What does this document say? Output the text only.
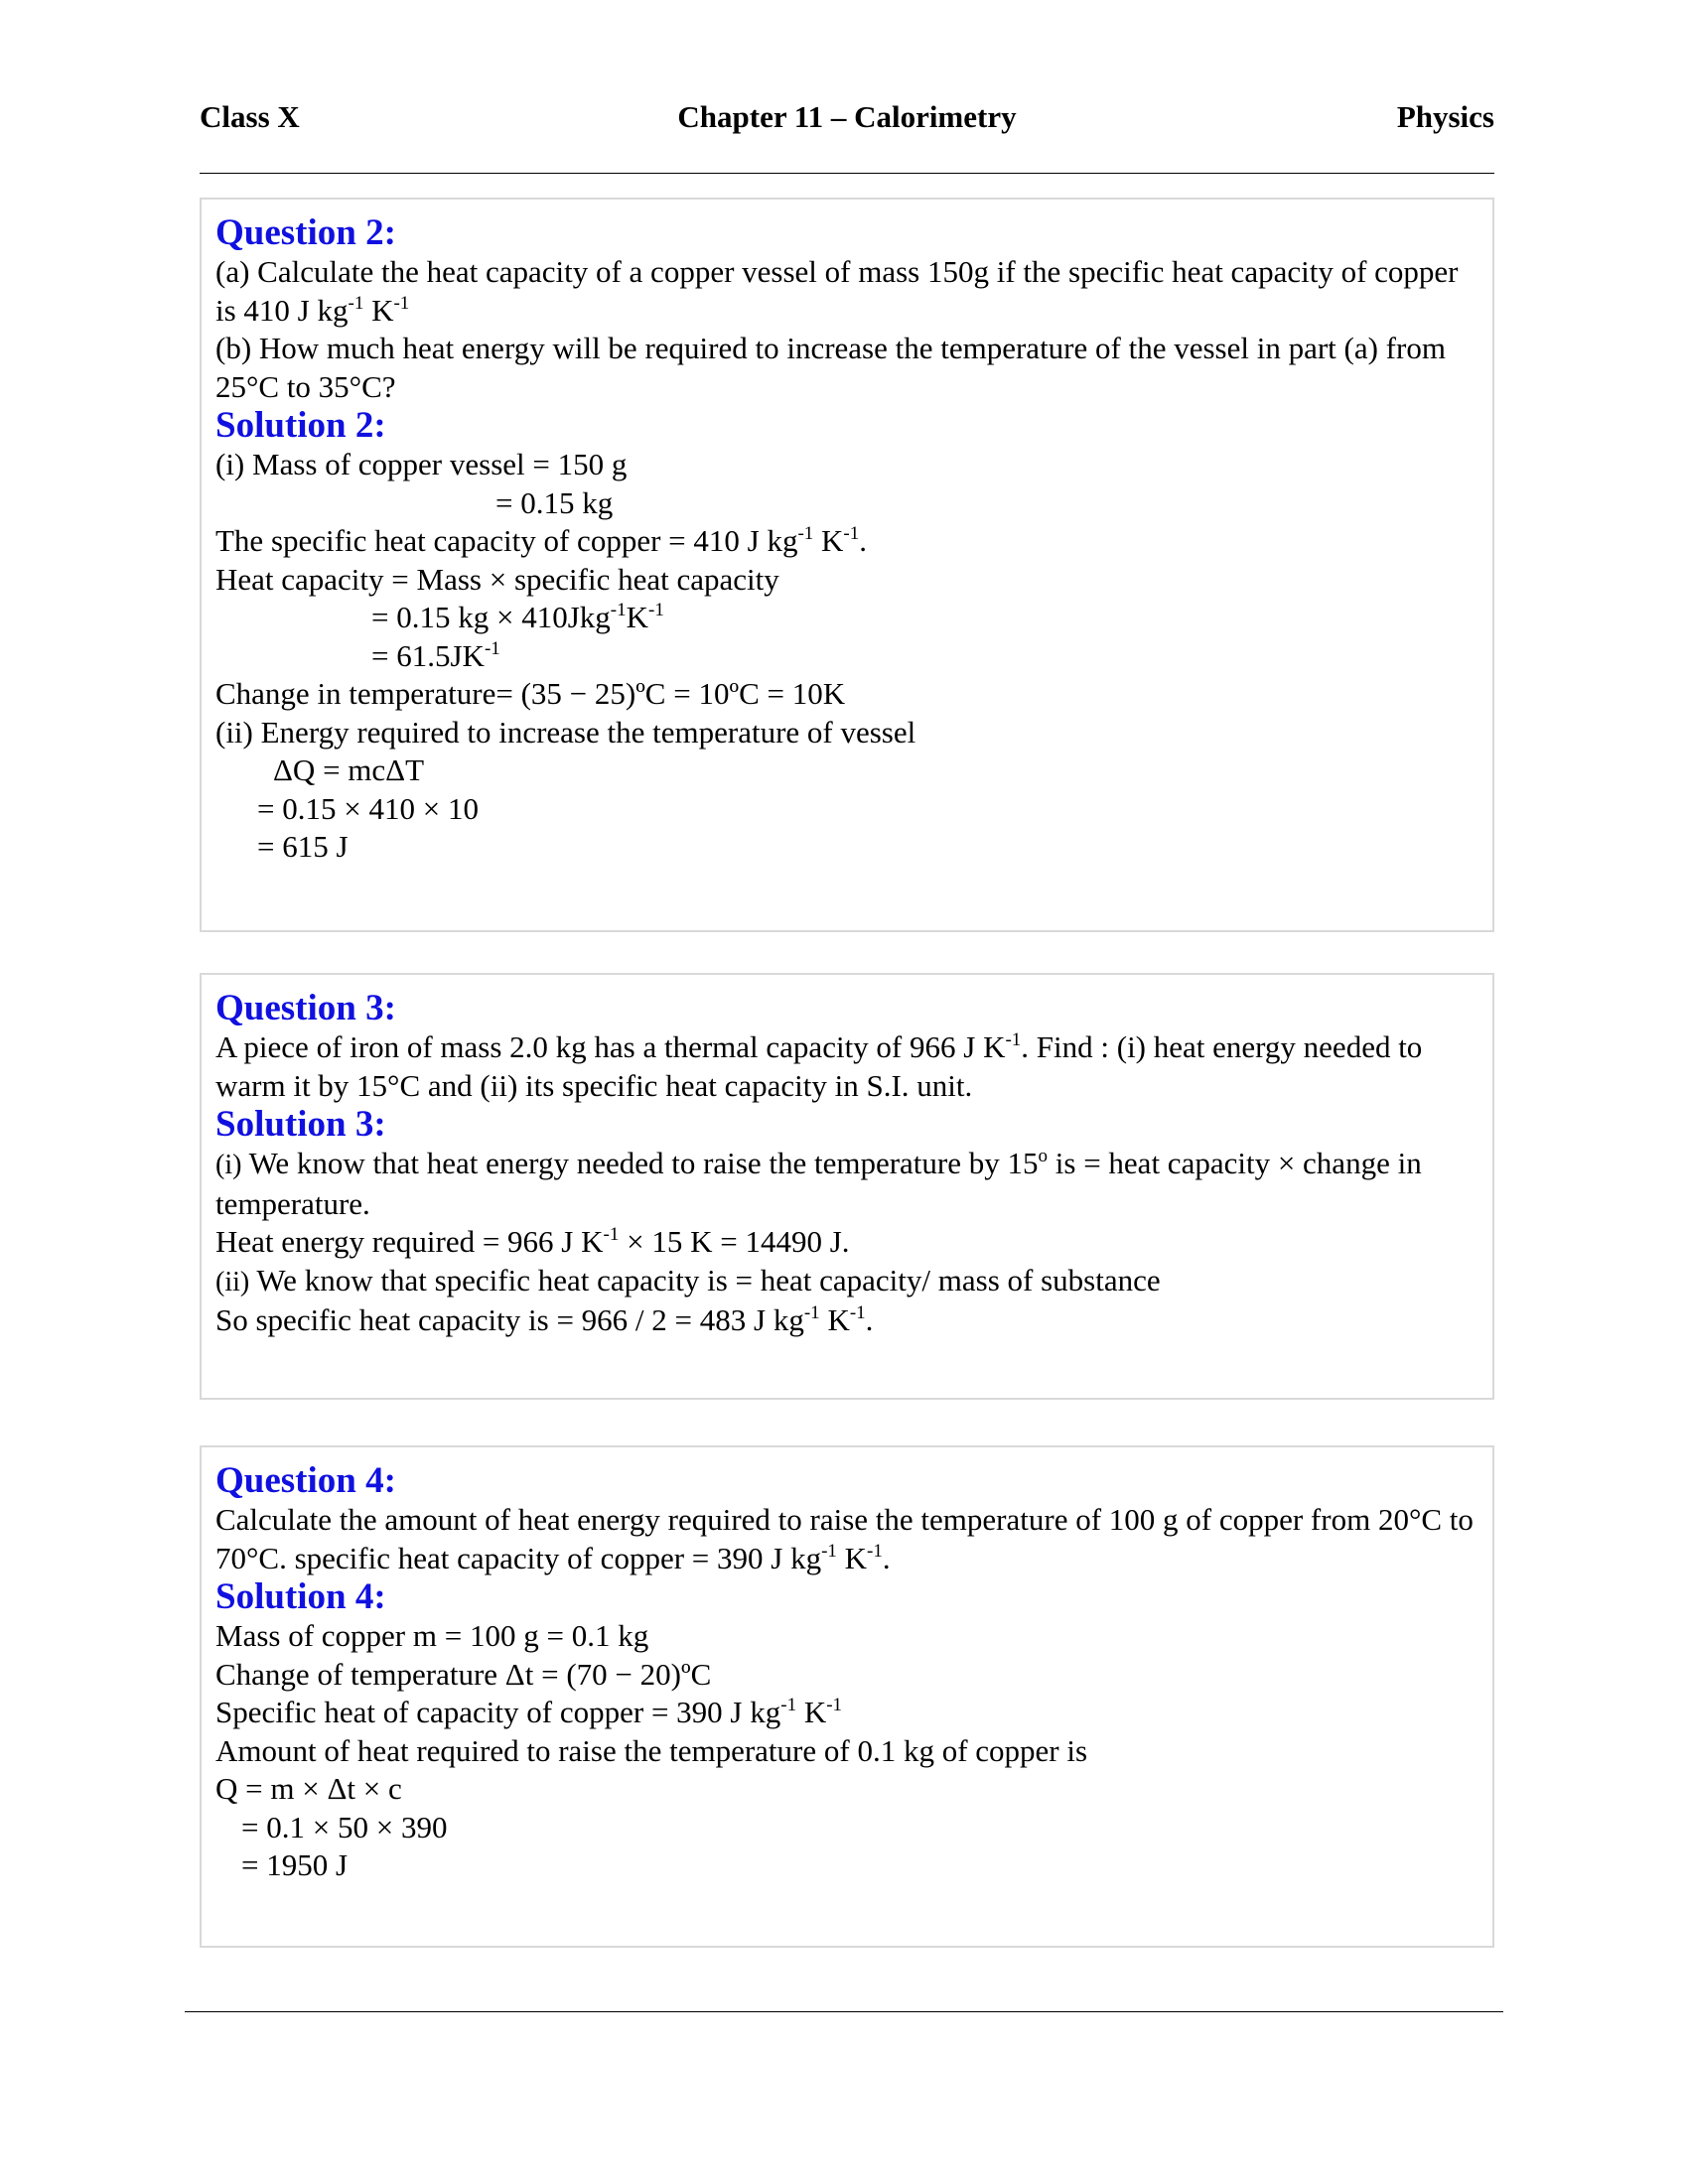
Class X	Chapter 11 – Calorimetry	Physics

Question 2:

(a) Calculate the heat capacity of a copper vessel of mass 150g if the specific heat capacity of copper is 410 J $kg^{-1}$ $K^{-1}$

(b) How much heat energy will be required to increase the temperature of the vessel in part (a) from 25°C to 35°C?

Solution 2:

(i) Mass of copper vessel = 150 g

= 0.15 kg

The specific heat capacity of copper = 410 J $kg^{-1}$ $K^{-1}$.

Heat capacity = Mass × specific heat capacity

= 0.15 kg × $410Jkg^{-1}K^{-1}$

= $61.5JK^{-1}$

Change in temperature= (35 − 25)ºC = 10ºC = 10K

(ii) Energy required to increase the temperature of vessel

ΔQ = mcΔT

= 0.15 × 410 × 10

= 615 J

Question 3:

A piece of iron of mass 2.0 kg has a thermal capacity of 966 J $K^{-1}$. Find : (i) heat energy needed to warm it by 15°C and (ii) its specific heat capacity in S.I. unit.

Solution 3:

(i) We know that heat energy needed to raise the temperature by 15$^o$ is = heat capacity × change in temperature.

Heat energy required = 966 J $K^{-1} \times 15$ K = 14490 J.

(ii) We know that specific heat capacity is = heat capacity/ mass of substance

So specific heat capacity is = 966 / 2 = 483 J $kg^{-1}$ $K^{-1}$.

Question 4:

Calculate the amount of heat energy required to raise the temperature of 100 g of copper from 20°C to 70°C. specific heat capacity of copper = 390 J $kg^{-1}$ $K^{-1}$.

Solution 4:

Mass of copper m = 100 g = 0.1 kg

Change of temperature Δt = (70 − 20)ºC

Specific heat of capacity of copper = 390 J $kg^{-1}$ $K^{-1}$

Amount of heat required to raise the temperature of 0.1 kg of copper is

Q = m × Δt × c

= 0.1 × 50 × 390

= 1950 J
